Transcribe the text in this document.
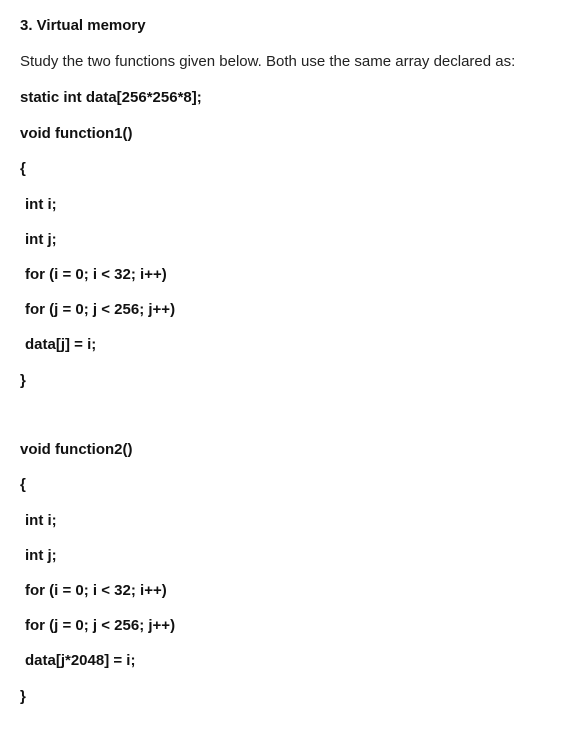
3. Virtual memory
Study the two functions given below. Both use the same array declared as:
static int data[256*256*8];
void function1()
{
int i;
int j;
for (i = 0; i < 32; i++)
for (j = 0; j < 256; j++)
data[j] = i;
}
void function2()
{
int i;
int j;
for (i = 0; i < 32; i++)
for (j = 0; j < 256; j++)
data[j*2048] = i;
}
